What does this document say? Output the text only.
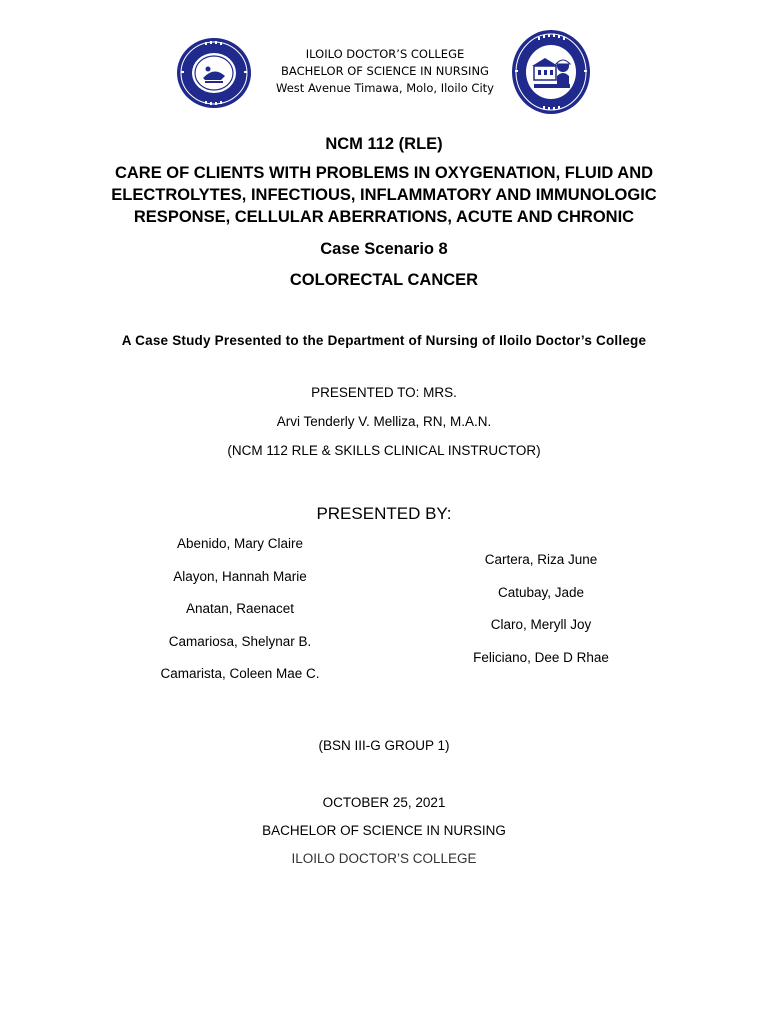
ILOILO DOCTOR’S COLLEGE
BACHELOR OF SCIENCE IN NURSING
West Avenue Timawa, Molo, Iloilo City
NCM 112 (RLE)
CARE OF CLIENTS WITH PROBLEMS IN OXYGENATION, FLUID AND
ELECTROLYTES, INFECTIOUS, INFLAMMATORY AND IMMUNOLOGIC
RESPONSE, CELLULAR ABERRATIONS, ACUTE AND CHRONIC
Case Scenario 8
COLORECTAL CANCER
A Case Study Presented to the Department of Nursing of Iloilo Doctor’s College
PRESENTED TO: MRS.
Arvi Tenderly V. Melliza, RN, M.A.N.
(NCM 112 RLE & SKILLS CLINICAL INSTRUCTOR)
PRESENTED BY:
Abenido, Mary Claire
Alayon, Hannah Marie
Anatan, Raenacet
Camariosa, Shelynar B.
Camarista, Coleen Mae C.
Cartera, Riza June
Catubay, Jade
Claro, Meryll Joy
Feliciano, Dee D Rhae
(BSN III-G GROUP 1)
OCTOBER 25, 2021
BACHELOR OF SCIENCE IN NURSING
ILOILO DOCTOR’S COLLEGE
